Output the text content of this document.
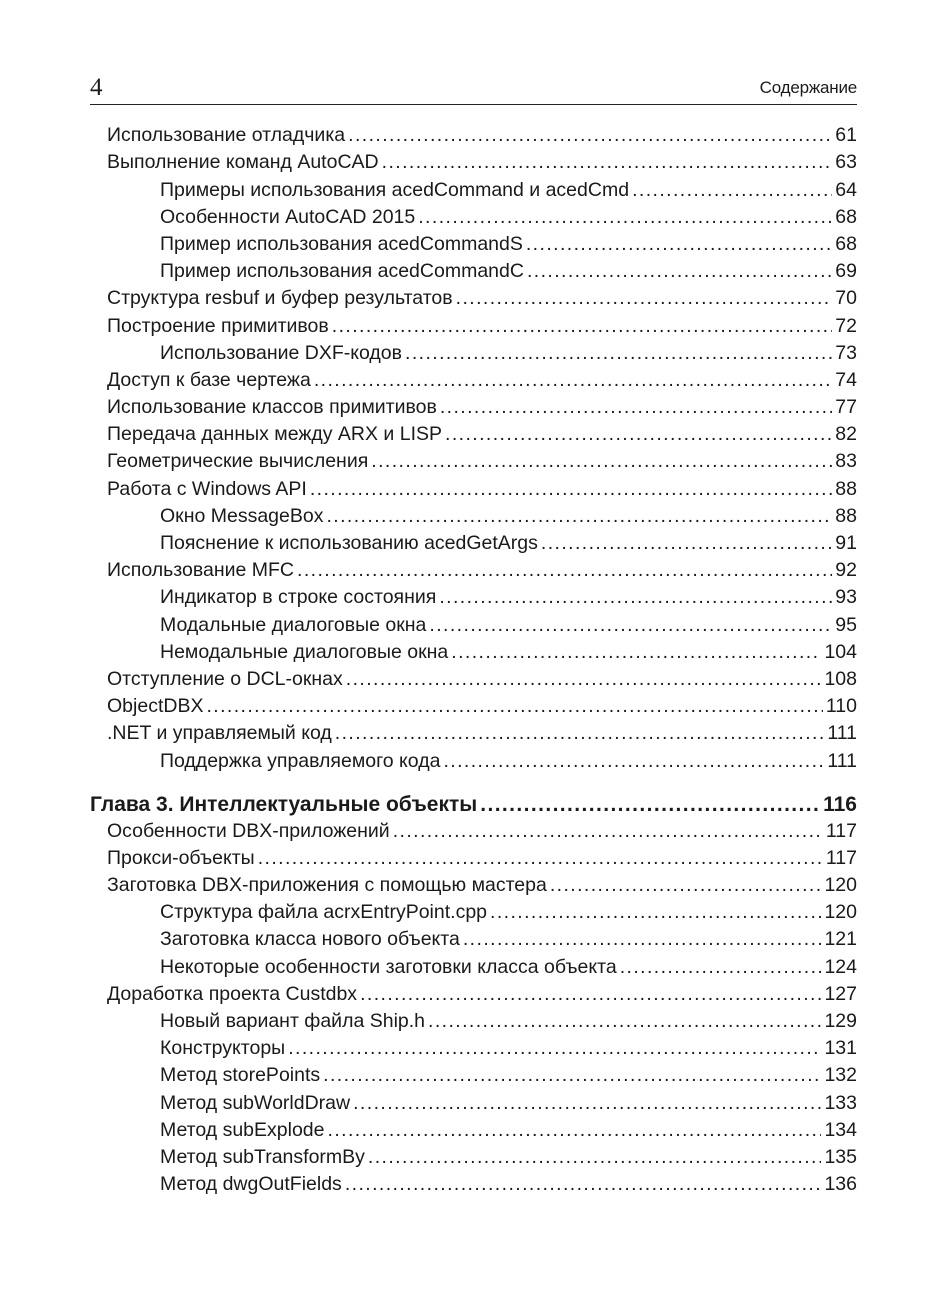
4	Содержание
Использование отладчика .....	61
Выполнение команд AutoCAD .....	63
Примеры использования acedCommand и acedCmd .....	64
Особенности AutoCAD 2015 .....	68
Пример использования acedCommandS .....	68
Пример использования acedCommandC .....	69
Структура resbuf и буфер результатов .....	70
Построение примитивов .....	72
Использование DXF-кодов .....	73
Доступ к базе чертежа .....	74
Использование классов примитивов .....	77
Передача данных между ARX и LISP .....	82
Геометрические вычисления .....	83
Работа с Windows API .....	88
Окно MessageBox .....	88
Пояснение к использованию acedGetArgs .....	91
Использование MFC .....	92
Индикатор в строке состояния .....	93
Модальные диалоговые окна .....	95
Немодальные диалоговые окна .....	104
Отступление о DCL-окнах .....	108
ObjectDBX .....	110
.NET и управляемый код .....	111
Поддержка управляемого кода .....	111
Глава 3. Интеллектуальные объекты .....	116
Особенности DBX-приложений .....	117
Прокси-объекты .....	117
Заготовка DBX-приложения с помощью мастера .....	120
Структура файла acrxEntryPoint.cpp .....	120
Заготовка класса нового объекта .....	121
Некоторые особенности заготовки класса объекта .....	124
Доработка проекта Custdbx .....	127
Новый вариант файла Ship.h .....	129
Конструкторы .....	131
Метод storePoints .....	132
Метод subWorldDraw .....	133
Метод subExplode .....	134
Метод subTransformBy .....	135
Метод dwgOutFields .....	136
